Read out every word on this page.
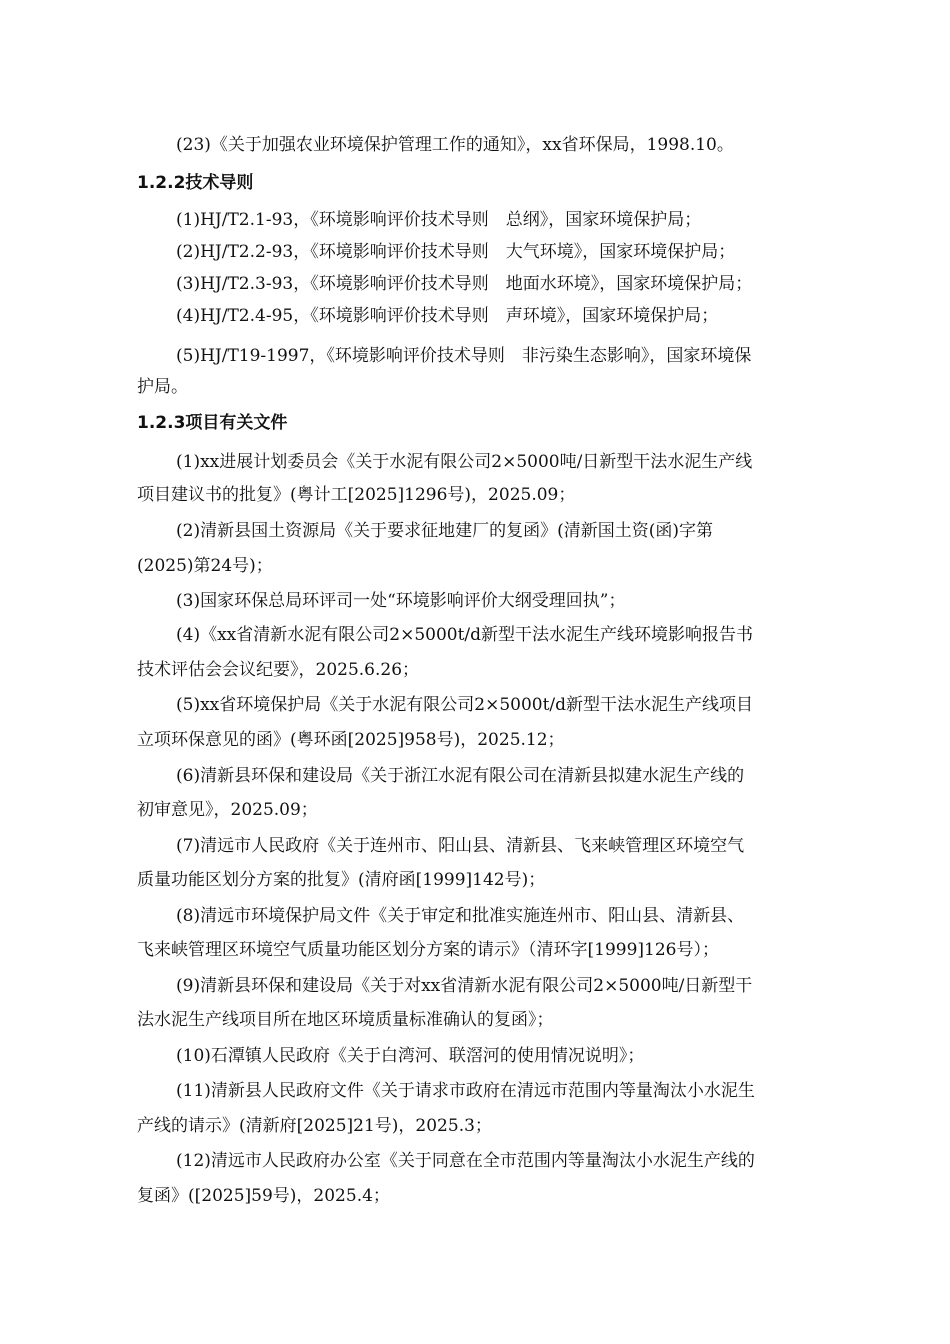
(23)《关于加强农业环境保护管理工作的通知》，xx省环保局，1998.10。
1.2.2技术导则
(1)HJ/T2.1-93，《环境影响评价技术导则　总纲》，国家环境保护局；
(2)HJ/T2.2-93，《环境影响评价技术导则　大气环境》，国家环境保护局；
(3)HJ/T2.3-93，《环境影响评价技术导则　地面水环境》，国家环境保护局；
(4)HJ/T2.4-95，《环境影响评价技术导则　声环境》，国家环境保护局；
(5)HJ/T19-1997，《环境影响评价技术导则　非污染生态影响》，国家环境保
护局。
1.2.3项目有关文件
(1)xx进展计划委员会《关于水泥有限公司2×5000吨/日新型干法水泥生产线
项目建议书的批复》(粤计工[2025]1296号)，2025.09；
(2)清新县国土资源局《关于要求征地建厂的复函》(清新国土资(函)字第
(2025)第24号)；
(3)国家环保总局环评司一处“环境影响评价大纲受理回执”；
(4)《xx省清新水泥有限公司2×5000t/d新型干法水泥生产线环境影响报告书
技术评估会会议纪要》，2025.6.26；
(5)xx省环境保护局《关于水泥有限公司2×5000t/d新型干法水泥生产线项目
立项环保意见的函》(粤环函[2025]958号)，2025.12；
(6)清新县环保和建设局《关于浙江水泥有限公司在清新县拟建水泥生产线的
初审意见》，2025.09；
(7)清远市人民政府《关于连州市、阳山县、清新县、飞来峡管理区环境空气
质量功能区划分方案的批复》(清府函[1999]142号)；
(8)清远市环境保护局文件《关于审定和批准实施连州市、阳山县、清新县、
飞来峡管理区环境空气质量功能区划分方案的请示》（清环字[1999]126号）；
(9)清新县环保和建设局《关于对xx省清新水泥有限公司2×5000吨/日新型干
法水泥生产线项目所在地区环境质量标准确认的复函》；
(10)石潭镇人民政府《关于白湾河、联滘河的使用情况说明》；
(11)清新县人民政府文件《关于请求市政府在清远市范围内等量淘汰小水泥生
产线的请示》(清新府[2025]21号)，2025.3；
(12)清远市人民政府办公室《关于同意在全市范围内等量淘汰小水泥生产线的
复函》([2025]59号)，2025.4；
